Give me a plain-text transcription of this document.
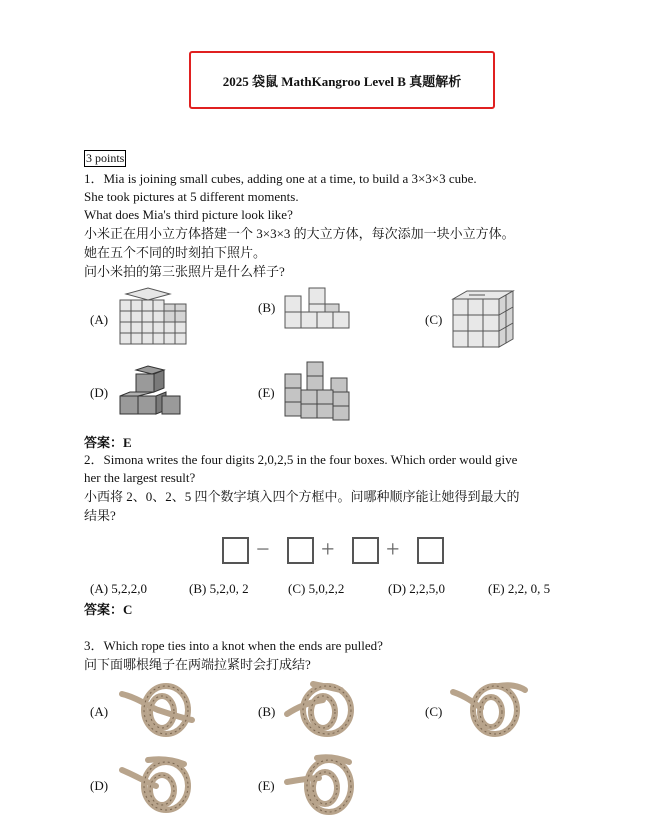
2025 袋鼠 MathKangroo Level B 真题解析
3 points
1．Mia is joining small cubes, adding one at a time, to build a 3×3×3 cube.
She took pictures at 5 different moments.
What does Mia's third picture look like?
小米正在用小立方体搭建一个 3×3×3 的大立方体，每次添加一块小立方体。
她在五个不同的时刻拍下照片。
问小米拍的第三张照片是什么样子?
(A)
(B)
(C)
(D)	(E)
答案：E
2．Simona writes the four digits 2,0,2,5 in the four boxes. Which order would give
her the largest result?
小西将 2、0、2、5 四个数字填入四个方框中。问哪种顺序能让她得到最大的
结果?
− + +
(A) 5,2,2,0	(B) 5,2,0, 2	(C) 5,0,2,2	(D) 2,2,5,0	(E) 2,2, 0, 5
答案：C
3．Which rope ties into a knot when the ends are pulled?
问下面哪根绳子在两端拉紧时会打成结?
(A)	(B)	(C)
(D)	(E)
